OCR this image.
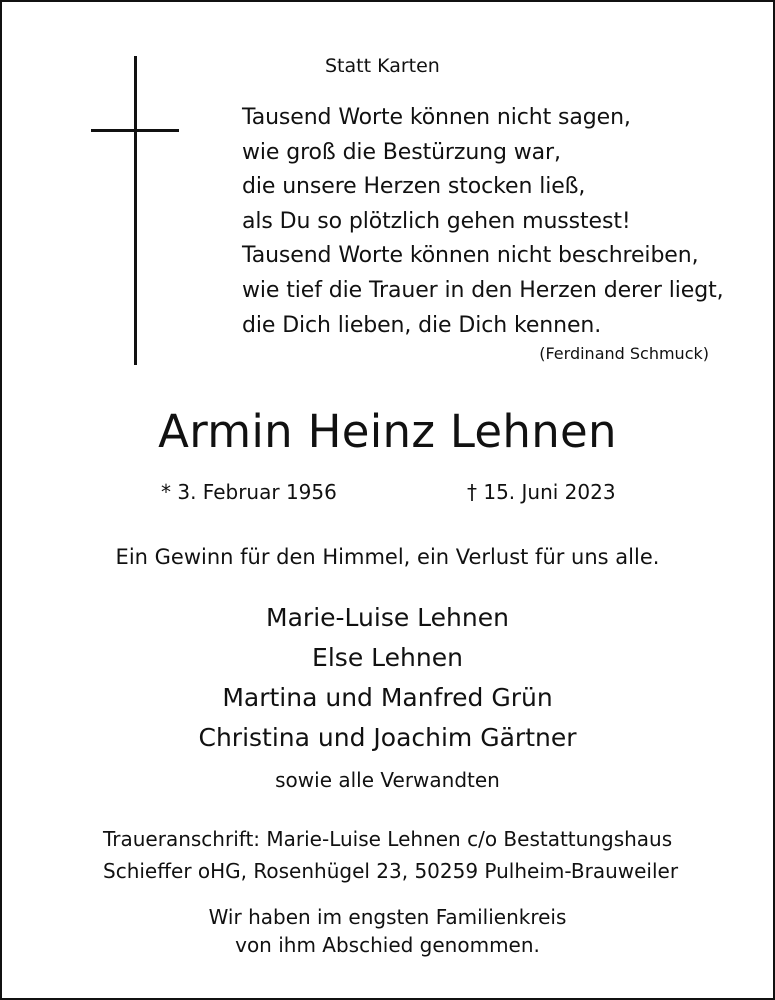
Statt Karten
Tausend Worte können nicht sagen,
wie groß die Bestürzung war,
die unsere Herzen stocken ließ,
als Du so plötzlich gehen musstest!
Tausend Worte können nicht beschreiben,
wie tief die Trauer in den Herzen derer liegt,
die Dich lieben, die Dich kennen.
(Ferdinand Schmuck)
Armin Heinz Lehnen
* 3. Februar 1956	† 15. Juni 2023
Ein Gewinn für den Himmel, ein Verlust für uns alle.
Marie-Luise Lehnen
Else Lehnen
Martina und Manfred Grün
Christina und Joachim Gärtner
sowie alle Verwandten
Traueranschrift: Marie-Luise Lehnen c/o Bestattungshaus
Schieffer oHG, Rosenhügel 23, 50259 Pulheim-Brauweiler
Wir haben im engsten Familienkreis
von ihm Abschied genommen.
